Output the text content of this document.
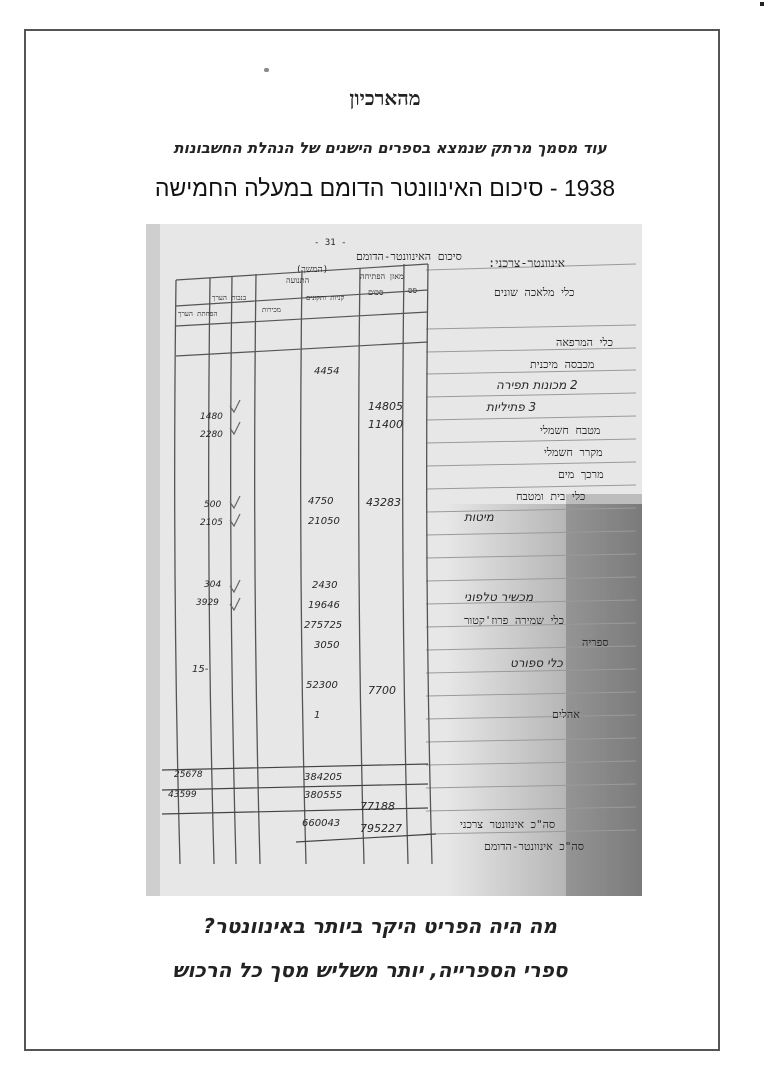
מהארכיון
עוד מסמך מרתק שנמצא בספרים הישנים של הנהלת החשבונות
1938 - סיכום האינוונטר הדומם במעלה החמישה
- 31 -
סיכום האינוונטר-הדומם
(המשך)
סס
מאזן הפתיחה
סכום
התנועה
קניות ותקונים
מכירות
בנכות הערך
הפחתת הערך
אינוונטר-צרכני:
כלי מלאכה שונים
כלי המרפאה
מכבסה מיכנית
2 מכונות תפירה
3 פתיליות
מטבח חשמלי
מקרר חשמלי
מרכך מים
כלי בית ומטבח
מיטות
מכשיר טלפוני
כלי שמירה פרוז'קטור
ספריה
כלי ספורט
אהלים
סה"כ אינוונטר צרכני
סה"כ אינוונטר-הדומם
14805
11400
43283
7700
77188
795227
4454
4750
21050
2430
19646
275725
3050
52300
1
384205
380555
660043
1480
2280
500
2105
304
3929
15-
25678
43599
מה היה הפריט היקר ביותר באינוונטר?
ספרי הספרייה, יותר משליש מסך כל הרכוש
